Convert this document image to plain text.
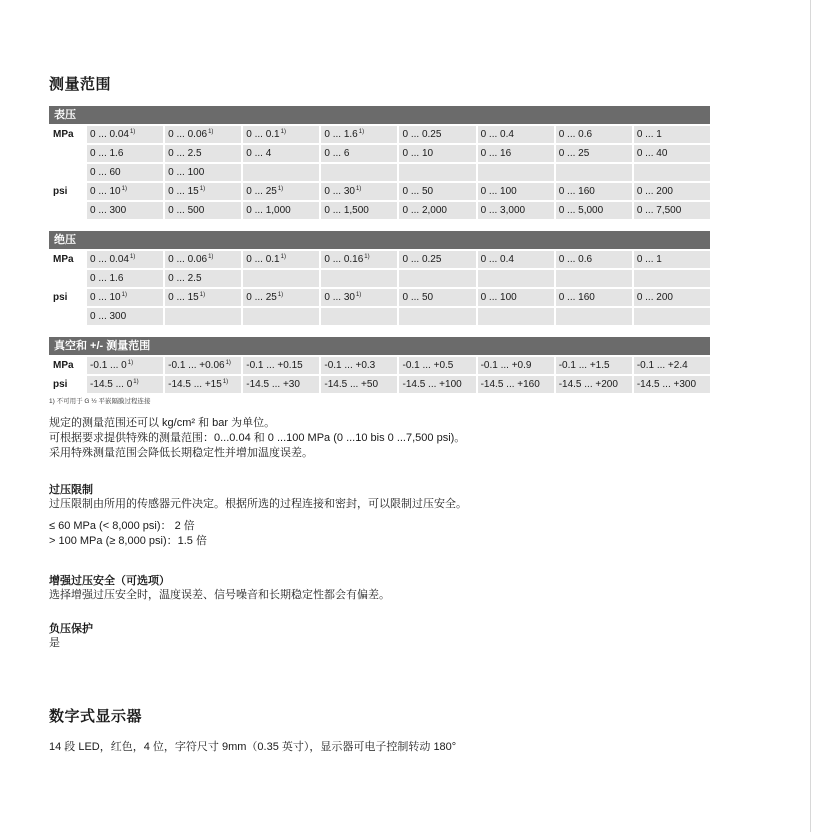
测量范围
表压
MPa	0 ... 0.04$^{1)}$	0 ... 0.06$^{1)}$	0 ... 0.1$^{1)}$	0 ... 1.6$^{1)}$	0 ... 0.25	0 ... 0.4	0 ... 0.6	0 ... 1
	0 ... 1.6	0 ... 2.5	0 ... 4	0 ... 6	0 ... 10	0 ... 16	0 ... 25	0 ... 40
	0 ... 60	0 ... 100						
psi	0 ... 10$^{1)}$	0 ... 15$^{1)}$	0 ... 25$^{1)}$	0 ... 30$^{1)}$	0 ... 50	0 ... 100	0 ... 160	0 ... 200
	0 ... 300	0 ... 500	0 ... 1,000	0 ... 1,500	0 ... 2,000	0 ... 3,000	0 ... 5,000	0 ... 7,500
绝压
MPa	0 ... 0.04$^{1)}$	0 ... 0.06$^{1)}$	0 ... 0.1$^{1)}$	0 ... 0.16$^{1)}$	0 ... 0.25	0 ... 0.4	0 ... 0.6	0 ... 1
	0 ... 1.6	0 ... 2.5						
psi	0 ... 10$^{1)}$	0 ... 15$^{1)}$	0 ... 25$^{1)}$	0 ... 30$^{1)}$	0 ... 50	0 ... 100	0 ... 160	0 ... 200
	0 ... 300							
真空和 +/- 测量范围
MPa	-0.1 ... 0$^{1)}$	-0.1 ... $+0.06^{1)}$	-0.1 ... +0.15	-0.1 ... +0.3	-0.1 ... +0.5	-0.1 ... +0.9	-0.1 ... +1.5	-0.1 ... +2.4
psi	-14.5 ... 0$^{1)}$	-14.5 ... $+15^{1)}$	-14.5 ... +30	-14.5 ... +50	-14.5 ... +100	-14.5 ... +160	-14.5 ... +200	-14.5 ... +300
1) 不可用于 G ½ 平嵌隔膜过程连接
规定的测量范围还可以 kg/cm² 和 bar 为单位。
可根据要求提供特殊的测量范围：0...0.04 和 0 ...100 MPa (0 ...10 bis 0 ...7,500 psi)。
采用特殊测量范围会降低长期稳定性并增加温度误差。
过压限制
过压限制由所用的传感器元件决定。根据所选的过程连接和密封，可以限制过压安全。
≤ 60 MPa (< 8,000 psi)： 2 倍
> 100 MPa (≥ 8,000 psi)：1.5 倍
增强过压安全（可选项）
选择增强过压安全时，温度误差、信号噪音和长期稳定性都会有偏差。
负压保护
是
数字式显示器
14 段 LED，红色，4 位，字符尺寸 9mm（0.35 英寸），显示器可电子控制转动 180°
